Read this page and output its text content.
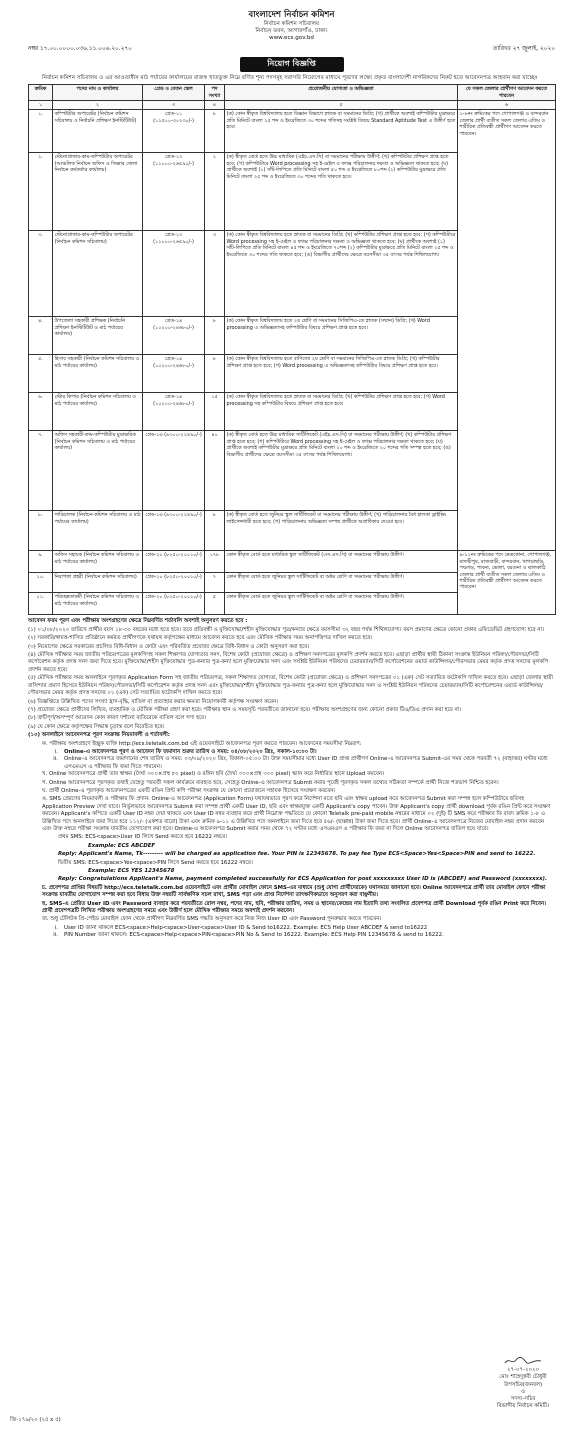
বাংলাদেশ নির্বাচন কমিশন
নির্বাচন কমিশন সচিবালয়
নির্বাচন ভবন, আগারগাঁও, ঢাকা।
www.ecs.gov.bd
নম্বর ১৭.০০.০০০০.০৩৬.১১.০০৬.২০.২৭০	তারিখঃ ২৭ জুলাই, ২০২০
নিয়োগ বিজ্ঞপ্তি

নির্বাচন কমিশন সচিবালয় ও এর আওতাধীন মাঠ পর্যায়ের কার্যালয়ের রাজস্ব খাতভুক্ত নিম্নে বর্ণিত শূন্য পদসমূহ সরাসরি নিয়োগের মাধ্যমে পূরণের লক্ষ্যে প্রকৃত বাংলাদেশী নাগরিকদের নিকট হতে আবেদনপত্র আহবান করা যাচ্ছেঃ

ক্রমিক	পদের নাম ও কার্যালয়	গ্রেড ও বেতন স্কেল	পদ সংখ্যা	প্রয়োজনীয় যোগ্যতা ও অভিজ্ঞতা	যে সকল জেলার প্রার্থীগণ আবেদন করতে পারবেন
১	২	৩	৪	৫	৬
১.	কম্পিউটার অপারেটর (নির্বাচন কমিশন সচিবালয় ও নির্বাচনি প্রশিক্ষণ ইনস্টিটিউট)	গ্রেড-১১ (১২৫০০-৩০২৩০/-)	৮	(ক) কোন স্বীকৃত বিশ্ববিদ্যালয় হতে বিজ্ঞান বিভাগে স্নাতক বা সমমানের ডিগ্রি; (খ) প্রার্থীকে অবশ্যই কম্পিউটার মুদ্রাক্ষরে প্রতি মিনিটে বাংলা ২৫ শব্দ ও ইংরেজিতে ৩০ শব্দের গতিসহ সংশ্লিষ্ট বিষয়ে Standard Aptitude Test এ উত্তীর্ণ হতে হবে।	১-৮নং ক্রমিকের পদে গোপালগঞ্জ ও বান্দরবান জেলার প্রার্থী ব্যতীত সকল জেলার এতিম ও শারীরিক প্রতিবন্ধী প্রার্থীগণ আবেদন করতে পারবেন।
২.	স্টেনোগ্রাফার-কাম-কম্পিউটার অপারেটর (আঞ্চলিক নির্বাচন অফিস ও জিল্লার জেলা নির্বাচন কর্মকর্তার কার্যালয়)	গ্রেড-১৩ (১১০০০-২৬৫৯০/-)	২	(ক) স্বীকৃত বোর্ড হতে উচ্চ মাধ্যমিক (এইচ.এস.সি) বা সমমানের পরীক্ষায় উত্তীর্ণ; (খ) কম্পিউটার প্রশিক্ষণ প্রাপ্ত হতে হবে; (গ) কম্পিউটারে Word processing সহ ই-মেইল ও ফ্যাক্স পরিচালনার দক্ষতা ও অভিজ্ঞতা থাকতে হবে; (ঘ) প্রার্থীকে অবশ্যই (১) সাঁট-লিপিতে প্রতি মিনিটে বাংলা ৫০ শব্দ ও ইংরেজিতে ৮০শব্দ (২) কম্পিউটার মুদ্রাক্ষরে প্রতি মিনিটে বাংলা ২৫ শব্দ ও ইংরেজিতে ৩০ শব্দের গতি থাকতে হবে।	
৩.	স্টেনোগ্রাফার-কাম-কম্পিউটার অপারেটর (নির্বাচন কমিশন সচিবালয়)	গ্রেড-১৩ (১১০০০-২৬৫৯০/-)	৩	(ক) কোন স্বীকৃত বিশ্ববিদ্যালয় হতে স্নাতক বা সমমানের ডিগ্রি; (খ) কম্পিউটার প্রশিক্ষণ প্রাপ্ত হতে হবে; (গ) কম্পিউটারে Word processing সহ ই-মেইল ও ফ্যাক্স পরিচালনার দক্ষতা ও অভিজ্ঞতা থাকতে হবে; (ঘ) প্রার্থীকে অবশ্যই (১) সাঁট-লিপিতে প্রতি মিনিটে বাংলা ৪৫ শব্দ ও ইংরেজিতে ৭০শব্দ (২) কম্পিউটার মুদ্রাক্ষরে প্রতি মিনিটে বাংলা ২৫ শব্দ ও ইংরেজিতে ৩০ শব্দের গতি থাকতে হবে; (ঙ) বিভাগীয় প্রার্থীদের ক্ষেত্রে বয়সসীমা ৩৫ বৎসর পর্যন্ত শিথিলযোগ্য।	
৪.	উপজেলা সহকারী প্রশিক্ষক (নির্বাচনি প্রশিক্ষণ ইনস্টিটিউট ও মাঠ পর্যায়ের কার্যালয়)	গ্রেড-১৪ (১০২০০-২৪৬৮০/-)	৮	(ক) কোন স্বীকৃত বিশ্ববিদ্যালয় হতে ২য় শ্রেণি বা সমমানের সিজিপিএ-তে স্নাতক (সম্মান) ডিগ্রি; (খ) Word processing এ অভিজ্ঞতাসহ কম্পিউটার বিষয়ে প্রশিক্ষণ প্রাপ্ত হতে হবে।	
৫.	হিসাব সহকারী (নির্বাচন কমিশন সচিবালয় ও মাঠ পর্যায়ের কার্যালয়)	গ্রেড-১৪ (১০২০০-২৪৬৮০/-)	৮	(ক) কোন স্বীকৃত বিশ্ববিদ্যালয় হতে বাণিজ্যে ২য় শ্রেণি বা সমমানের সিজিপিএ-তে স্নাতক ডিগ্রি; (খ) কম্পিউটার প্রশিক্ষণ প্রাপ্ত হতে হবে; (গ) Word processing এ অভিজ্ঞতাসহ কম্পিউটার বিষয়ে প্রশিক্ষণ প্রাপ্ত হতে হবে।	
৬.	স্টোর কিপার (নির্বাচন কমিশন সচিবালয় ও মাঠ পর্যায়ের কার্যালয়)	গ্রেড-১৪ (১০২০০-২৪৬৮০/-)	১৫	(ক) কোন স্বীকৃত বিশ্ববিদ্যালয় হতে স্নাতক বা সমমানের ডিগ্রি; (খ) কম্পিউটার প্রশিক্ষণ প্রাপ্ত হতে হবে; (গ) Word processing সহ কম্পিউটার বিষয়ে প্রশিক্ষণ প্রাপ্ত হতে হবে।	
৭.	অফিস সহকারী-কাম-কম্পিউটার মুদ্রাক্ষরিক (নির্বাচন কমিশন সচিবালয় ও মাঠ পর্যায়ের কার্যালয়)	গ্রেড-১৬ (৯৩০০-২২৪৯০/-)	৪০	(ক) স্বীকৃত বোর্ড হতে উচ্চ মাধ্যমিক সার্টিফিকেট (এইচ.এস.সি) বা সমমানের পরীক্ষায় উত্তীর্ণ; (খ) কম্পিউটার প্রশিক্ষণ প্রাপ্ত হতে হবে; (গ) কম্পিউটারে Word processing সহ ই-মেইল ও ফ্যাক্স পরিচালনার দক্ষতা থাকতে হবে; (ঘ) প্রার্থীকে অবশ্যই কম্পিউটার মুদ্রাক্ষরে প্রতি মিনিটে বাংলা ২০ শব্দ ও ইংরেজিতে ২০ শব্দের গতি সম্পন্ন হতে হবে; (ঙ) বিভাগীয় প্রার্থীদের ক্ষেত্রে বয়সসীমা ৩৫ বৎসর পর্যন্ত শিথিলযোগ্য।	
৮.	গাড়িচালক (নির্বাচন কমিশন সচিবালয় ও মাঠ পর্যায়ের কার্যালয়)	গ্রেড-১৬ (৯৩০০-২২৪৯০/-)	৮	(ক) স্বীকৃত বোর্ড হতে জুনিয়র স্কুল সার্টিফিকেট বা সমমানের পরীক্ষায় উত্তীর্ণ; (খ) গাড়িচালনার বৈধ হালকা ড্রাইভিং লাইসেন্সধারী হতে হবে; (গ) গাড়িচালনায় অভিজ্ঞতা সম্পন্ন প্রার্থীকে অগ্রাধিকার দেওয়া হবে।	
৯.	অফিস সহায়ক (নির্বাচন কমিশন সচিবালয় ও মাঠ পর্যায়ের কার্যালয়)	গ্রেড-২০ (৮২৫০-২০০১০/-)	১৭৮	কোন স্বীকৃত বোর্ড হতে মাধ্যমিক স্কুল সার্টিফিকেট (এস.এস.সি) বা সমমানের পরীক্ষায় উত্তীর্ণ।	৯-১১নং ক্রমিকের পদে নেত্রকোনা, গোপালগঞ্জ, মাদারীপুর, রাজবাড়ী, বান্দরবান, খাগড়াছড়ি, পঞ্চগড়, পাবনা, ভোলা, বরগুনা ও ঝালকাঠি জেলার প্রার্থী ব্যতীত সকল জেলার এতিম ও শারীরিক প্রতিবন্ধী প্রার্থীগণ আবেদন করতে পারবেন।
১০.	নিরাপত্তা প্রহরী (নির্বাচন কমিশন সচিবালয়)	গ্রেড-২০ (৮২৫০-২০০১০/-)	৭	কোন স্বীকৃত বোর্ড হতে জুনিয়র স্কুল সার্টিফিকেট বা অষ্টম শ্রেণি বা সমমানের পরীক্ষায় উত্তীর্ণ।	
১১.	পরিচ্ছন্নতাকর্মী (নির্বাচন কমিশন সচিবালয় ও মাঠ পর্যায়ের কার্যালয়)	গ্রেড-২০ (৮২৫০-২০০১০/-)	৫	কোন স্বীকৃত বোর্ড হতে জুনিয়র স্কুল সার্টিফিকেট বা অষ্টম শ্রেণি বা সমমানের পরীক্ষায় উত্তীর্ণ।	

আবেদন ফরম পূরণ এবং পরীক্ষায় অংশগ্রহণের ক্ষেত্রে নিম্নবর্ণিত শর্তাবলি অবশ্যই অনুসরণ করতে হবে :

(১) ০১/০৮/২০২০ তারিখে প্রার্থীর বয়স ১৮-৩০ বছরের মধ্যে হতে হবে। তবে প্রতিবন্ধী ও মুক্তিযোদ্ধা/শহীদ মুক্তিযোদ্ধার পুত্র/কন্যার ক্ষেত্রে বয়সসীমা ৩২ বছর পর্যন্ত শিথিলযোগ্য। বয়স প্রমাণের ক্ষেত্রে কোনো প্রকার এফিডেভিট গ্রহণযোগ্য হবে না।

(২) সরকারি/স্বায়ত্ত-শাসিত প্রতিষ্ঠানে কর্মরত প্রার্থীগণকে যথাযথ কর্তৃপক্ষের মাধ্যমে আবেদন করতে হবে এবং মৌখিক পরীক্ষার সময় অনাপত্তিপত্র দাখিল করতে হবে।

(৩) নিয়োগের ক্ষেত্রে সরকারের প্রচলিত বিধি-বিধান ও কোটা এবং পরিবর্তিত প্রযোজ্য ক্ষেত্রে বিধি-বিধান ও কোটা অনুসরণ করা হবে।

(৪) মৌখিক পরীক্ষার সময় জাতীয় পরিচয়পত্রের মূলকপিসহ সকল শিক্ষাগত যোগ্যতার সনদ, বিশেষ কোটা (প্রযোজ্য ক্ষেত্রে) ও প্রশিক্ষণ সনদপত্রের মূলকপি প্রদর্শন করতে হবে। এছাড়া প্রার্থীর স্থায়ী ঠিকানা সংক্রান্ত ইউনিয়ন পরিষদ/পৌরসভা/সিটি কর্পোরেশন কর্তৃক প্রদত্ত সনদ জমা দিতে হবে। মুক্তিযোদ্ধা/শহীদ মুক্তিযোদ্ধার পুত্র-কন্যার পুত্র-কন্যা হলে মুক্তিযোদ্ধার সনদ এবং সংশ্লিষ্ট ইউনিয়ন পরিষদের চেয়ারম্যান/সিটি কর্পোরেশনের ওয়ার্ড কাউন্সিলর/পৌরসভার মেয়র কর্তৃক প্রদত্ত সনদের মূলকপি প্রদর্শন করতে হবে।

(৫) মৌখিক পরীক্ষার সময় অনলাইনে পূরণকৃত Application Form সহ জাতীয় পরিচয়পত্র, সকল শিক্ষাগত যোগ্যতা, বিশেষ কোটা (প্রযোজ্য ক্ষেত্রে) ও প্রশিক্ষণ সনদপত্রের ০১ (এক) সেট সত্যায়িত ফটোকপি দাখিল করতে হবে। এছাড়া জেলার স্থায়ী বাসিন্দার প্রমাণ হিসেবে ইউনিয়ন পরিষদ/পৌরসভা/সিটি কর্পোরেশন কর্তৃক প্রদত্ত সনদ এবং মুক্তিযোদ্ধা/শহীদ মুক্তিযোদ্ধার পুত্র-কন্যার পুত্র-কন্যা হলে মুক্তিযোদ্ধার সনদ ও সংশ্লিষ্ট ইউনিয়ন পরিষদের চেয়ারম্যান/সিটি কর্পোরেশনের ওয়ার্ড কাউন্সিলর/পৌরসভার মেয়র কর্তৃক প্রদত্ত সনদের ০১ (এক) সেট সত্যায়িত ফটোকপি দাখিল করতে হবে।

(৬) বিজ্ঞপ্তিতে উল্লিখিত পদের সংখ্যা হ্রাস-বৃদ্ধি, বাতিল বা প্রত্যাহার করার ক্ষমতা নিয়োগকারী কর্তৃপক্ষ সংরক্ষণ করেন।

(৭) প্রযোজ্য ক্ষেত্রে প্রার্থীদের লিখিত, ব্যবহারিক ও মৌখিক পরীক্ষা গ্রহণ করা হবে। পরীক্ষার স্থান ও সময়সূচি পরবর্তীতে জানানো হবে। পরীক্ষায় অংশগ্রহণের জন্য কোনো প্রকার টিএ/ডিএ প্রদান করা হবে না।

(৮) ত্রুটিপূর্ণ/অসম্পূর্ণ আবেদন কোন কারণ দর্শানো ব্যতিরেকে বাতিল বলে গণ্য হবে।

(৯) যে কোন ক্ষেত্রে কর্তৃপক্ষের সিদ্ধান্ত চূড়ান্ত বলে বিবেচিত হবে।

(১০) অনলাইনে আবেদনপত্র পূরণ সংক্রান্ত নিয়মাবলী ও শর্তাবলী:

ক. পরীক্ষায় অংশগ্রহণে ইচ্ছুক ব্যক্তি http://ecs.teletalk.com.bd এই ওয়েবসাইটে আবেদনপত্র পূরণ করতে পারবেন। আবেদনের সময়সীমা নিম্নরূপ:

i.	Online-এ আবেদনপত্র পূরণ ও আবেদন ফি জমাদান শুরুর তারিখ ও সময়: ০৪/০৮/২০২০ খ্রিঃ, সকাল-১০:০০ টা।
ii.	Online-এ আবেদনপত্র জমাদানের শেষ তারিখ ও সময়: ০৩/০৯/২০২০ খ্রিঃ, বিকাল-০৫:০০ টা। উক্ত সময়সীমার মধ্যে User ID প্রাপ্ত প্রার্থীগণ Online-এ আবেদনপত্র Submit-এর সময় থেকে পরবর্তী ৭২ (বাহাত্তর) ঘণ্টার মধ্যে এসএমএস এ পরীক্ষার ফি জমা দিতে পারবেন।

খ. Online আবেদনপত্রে প্রার্থী তার স্বাক্ষর (দৈর্ঘ্য ৩০০×প্রস্থ ৮০ pixel) ও রঙ্গিন ছবি (দৈর্ঘ্য ৩০০×প্রস্থ ৩০০ pixel) স্ক্যান করে নির্ধারিত স্থানে Upload করবেন।

গ. Online আবেদনপত্রে পূরণকৃত তথ্যই যেহেতু পরবর্তী সকল কার্যক্রমে ব্যবহৃত হবে, সেহেতু Online-এ আবেদনপত্র Submit করার পূর্বেই পূরণকৃত সকল তথ্যের সঠিকতা সম্পর্কে প্রার্থী নিজে শতভাগ নিশ্চিত হবেন।

ঘ. প্রার্থী Online-এ পূরণকৃত আবেদনপত্রের একটি রঙিন প্রিন্ট কপি পরীক্ষা সংক্রান্ত যে কোনো প্রয়োজনে সহায়ক হিসেবে সংরক্ষণ করবেন।

ঙ. SMS প্রেরণের নিয়মাবলী ও পরীক্ষার ফি প্রদান: Online-এ আবেদনপত্র (Application Form) যথাযথভাবে পূরণ করে নির্দেশনা মতে ছবি এবং স্বাক্ষর upload করে আবেদনপত্র Submit করা সম্পন্ন হলে কম্পিউটারে ছবিসহ Application Preview দেখা যাবে। নির্ভুলভাবে আবেদনপত্র Submit করা সম্পন্ন প্রার্থী একটি User ID, ছবি এবং স্বাক্ষরযুক্ত একটি Applicant's copy পাবেন। উক্ত Applicant's copy প্রার্থী download পূর্বক রঙিন প্রিন্ট করে সংরক্ষণ করবেন। Applicant's কপিতে একটি User ID নম্বর দেয়া থাকবে এবং User ID নম্বর ব্যবহার করে প্রার্থী নিম্নোক্ত পদ্ধতিতে যে কোনো Teletalk pre-paid mobile নম্বরের মাধ্যমে ০২ (দুই) টি SMS করে পরীক্ষার ফি বাবদ ক্রমিক ১-৮ এ উল্লিখিত পদে অনলাইনে জমা দিতে হবে ১১২/- (একশত বারো) টাকা এবং ক্রমিক ৯-১১ এ উল্লিখিত পদে অনলাইনে জমা দিতে হবে ৫৬/- (ছাপ্পান্ন) টাকা জমা দিতে হবে। প্রার্থী Online-এ আবেদনপত্রে নিজের মোবাইল নম্বর প্রদান করবেন এবং উক্ত নম্বরে পরীক্ষা সংক্রান্ত যাবতীয় যোগাযোগ করা হবে। Online-এ আবেদনপত্র Submit করার সময় থেকে ৭২ ঘণ্টার মধ্যে এসএমএস এ পরীক্ষার ফি জমা না দিলে Online আবেদনপত্র বাতিল হয়ে যাবে।

প্রথম SMS: ECS<space>User ID লিখে Send করতে হবে 16222 নম্বরে।

Example: ECS ABCDEF

Reply: Applicant's Name, Tk--------- will be charged as application fee. Your PIN is 12345678. To pay fee Type ECS<Space>Yes<Space>PIN and send to 16222.

দ্বিতীয় SMS: ECS<space>Yes<space>PIN লিখে Send করতে হবে 16222 নম্বরে।

Example: ECS YES 12345678

Reply: Congratulations Applicant's Name, payment completed successfully for ECS Application for post xxxxxxxxx User ID is (ABCDEF) and Password (xxxxxxxx).

চ. প্রবেশপত্র প্রাপ্তির বিষয়টি http://ecs.teletalk.com.bd ওয়েবসাইটে এবং প্রার্থীর মোবাইল ফোনে SMS-এর মাধ্যমে (শুধু যোগ্য প্রার্থীদেরকে) যথাসময়ে জানানো হবে। Online আবেদনপত্রে প্রার্থী তার মোবাইল ফোনে পরীক্ষা সংক্রান্ত যাবতীয় যোগাযোগ সম্পন্ন করা হবে বিধায় উক্ত নম্বরটি সার্বক্ষণিক সচল রাখা, SMS পড়া এবং প্রাপ্ত নির্দেশনা তাৎক্ষণিকভাবে অনুসরণ করা বাঞ্ছনীয়।

ছ. SMS-এ প্রেরিত User ID এবং Password ব্যবহার করে পরবর্তীতে রোল নম্বর, পদের নাম, ছবি, পরীক্ষার তারিখ, সময় ও স্থানের/কেন্দ্রের নাম ইত্যাদি তথ্য সংবলিত প্রবেশপত্র প্রার্থী Download পূর্বক রঙিন Print করে নিবেন। প্রার্থী প্রবেশপত্রটি লিখিত পরীক্ষায় অংশগ্রহণের সময়ে এবং উত্তীর্ণ হলে মৌখিক পরীক্ষার সময়ে অবশ্যই প্রদর্শন করবেন।

জ. শুধু টেলিটক প্রি-পেইড মোবাইল ফোন থেকে প্রার্থীগণ নিম্নবর্ণিত SMS পদ্ধতি অনুসরণ করে নিজ নিজ User ID এবং Password পুনরুদ্ধার করতে পারবেন।

i.	User ID জানা থাকলে ECS<space>Help<space>User<space>User ID & Send to16222. Example: ECS Help User ABCDEF & send to16222
ii.	PIN Number জানা থাকলে: ECS<space>Help<space>PIN<space>PIN No & Send to 16222. Example: ECS Help PIN 12345678 & send to 16222.
২৭-০৭-২০২০
মোঃ শাহেদুন্নবী চৌধুরী
উপসচিব(জনবল)
ও
সদস্য-সচিব
বিভাগীয় নির্বাচন কমিটি।
জি-১৭৯/২০ (২৫ x ৫)
